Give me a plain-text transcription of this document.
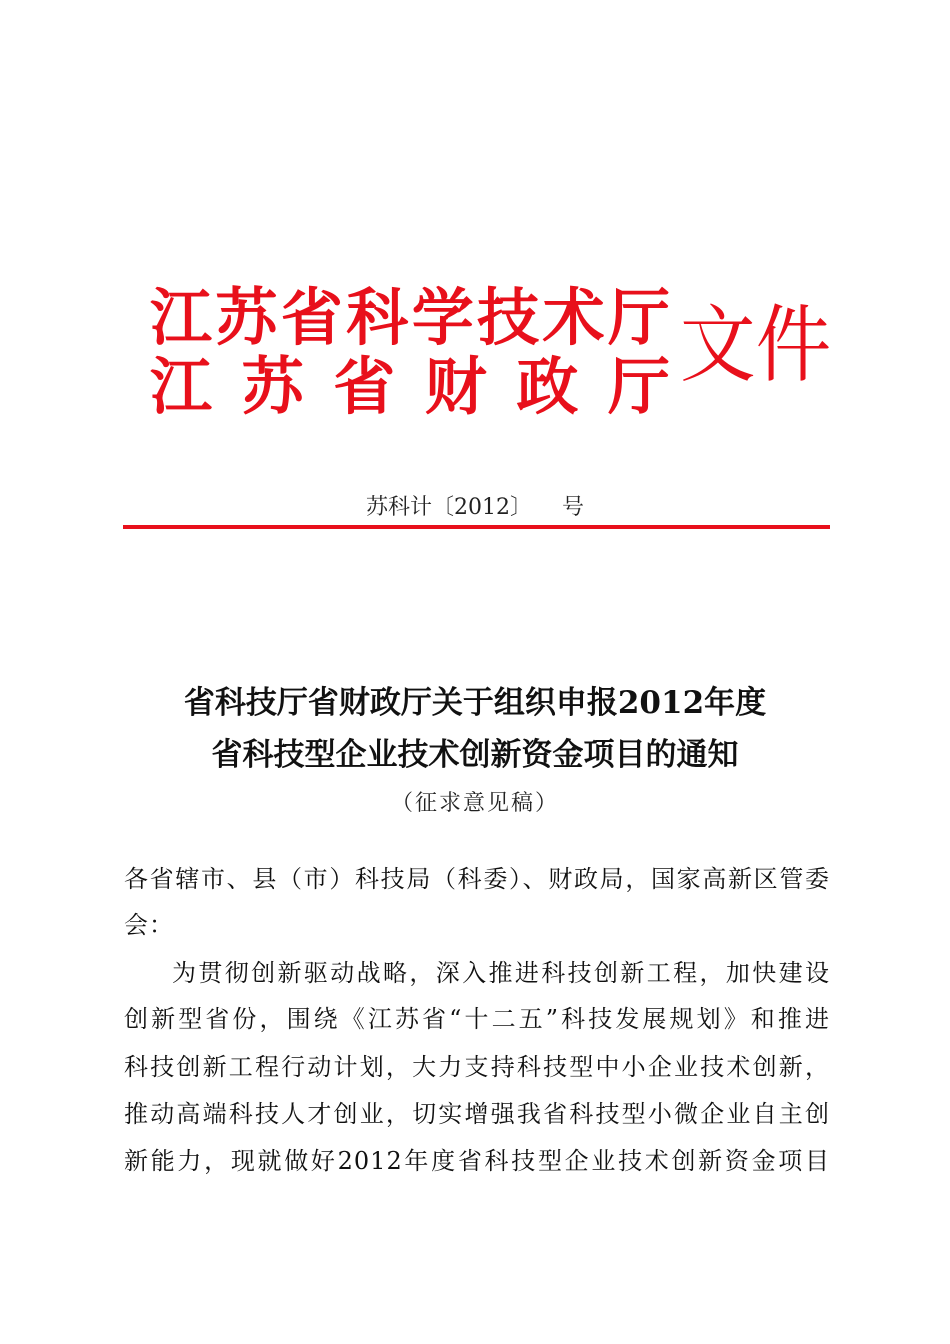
江 苏 省 科 学 技 术 厅
江 苏 省 财 政 厅 文件
苏科计〔2012〕 号
省科技厅省财政厅关于组织申报2012年度
省科技型企业技术创新资金项目的通知
（征求意见稿）
各省辖市、县（市）科技局（科委）、财政局，国家高新区管委
会：
为贯彻创新驱动战略，深入推进科技创新工程，加快建设
创新型省份，围绕《江苏省“十二五”科技发展规划》和推进
科技创新工程行动计划，大力支持科技型中小企业技术创新，
推动高端科技人才创业，切实增强我省科技型小微企业自主创
新能力，现就做好2012年度省科技型企业技术创新资金项目
